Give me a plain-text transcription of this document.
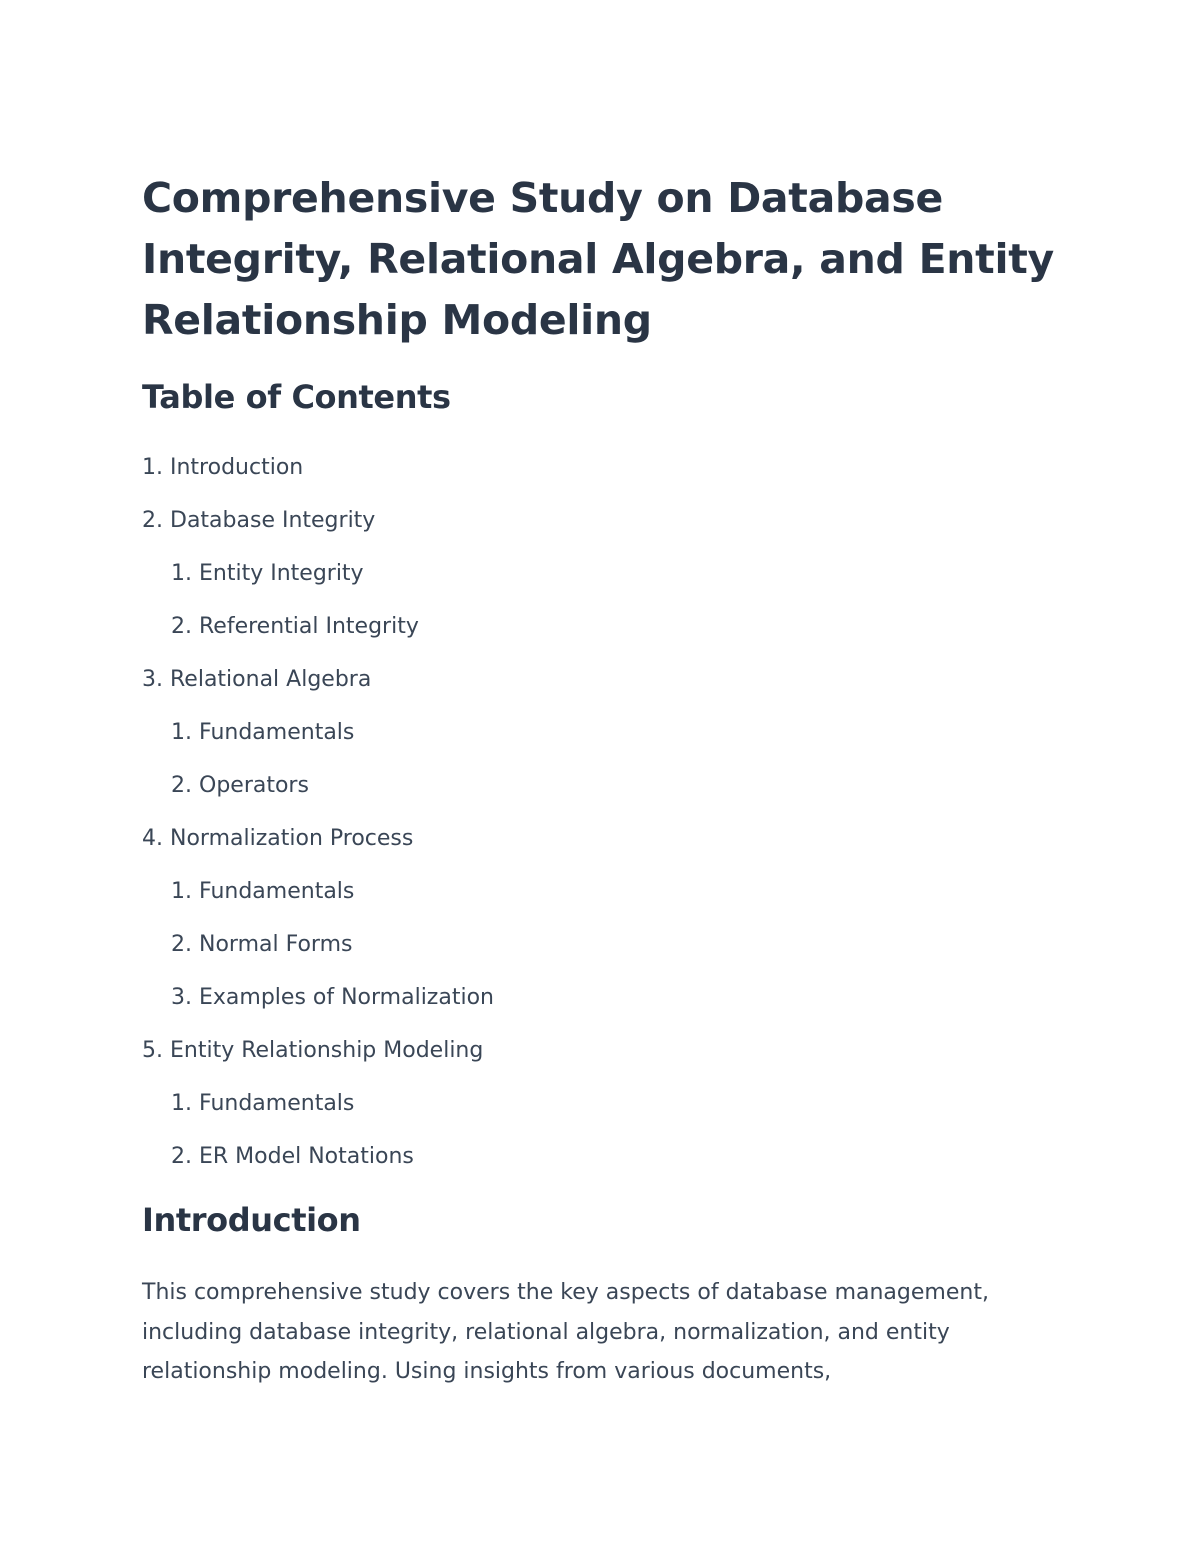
Comprehensive Study on Database Integrity, Relational Algebra, and Entity Relationship Modeling
Table of Contents
1. Introduction
2. Database Integrity
1. Entity Integrity
2. Referential Integrity
3. Relational Algebra
1. Fundamentals
2. Operators
4. Normalization Process
1. Fundamentals
2. Normal Forms
3. Examples of Normalization
5. Entity Relationship Modeling
1. Fundamentals
2. ER Model Notations
Introduction

This comprehensive study covers the key aspects of database management, including database integrity, relational algebra, normalization, and entity relationship modeling. Using insights from various documents,
